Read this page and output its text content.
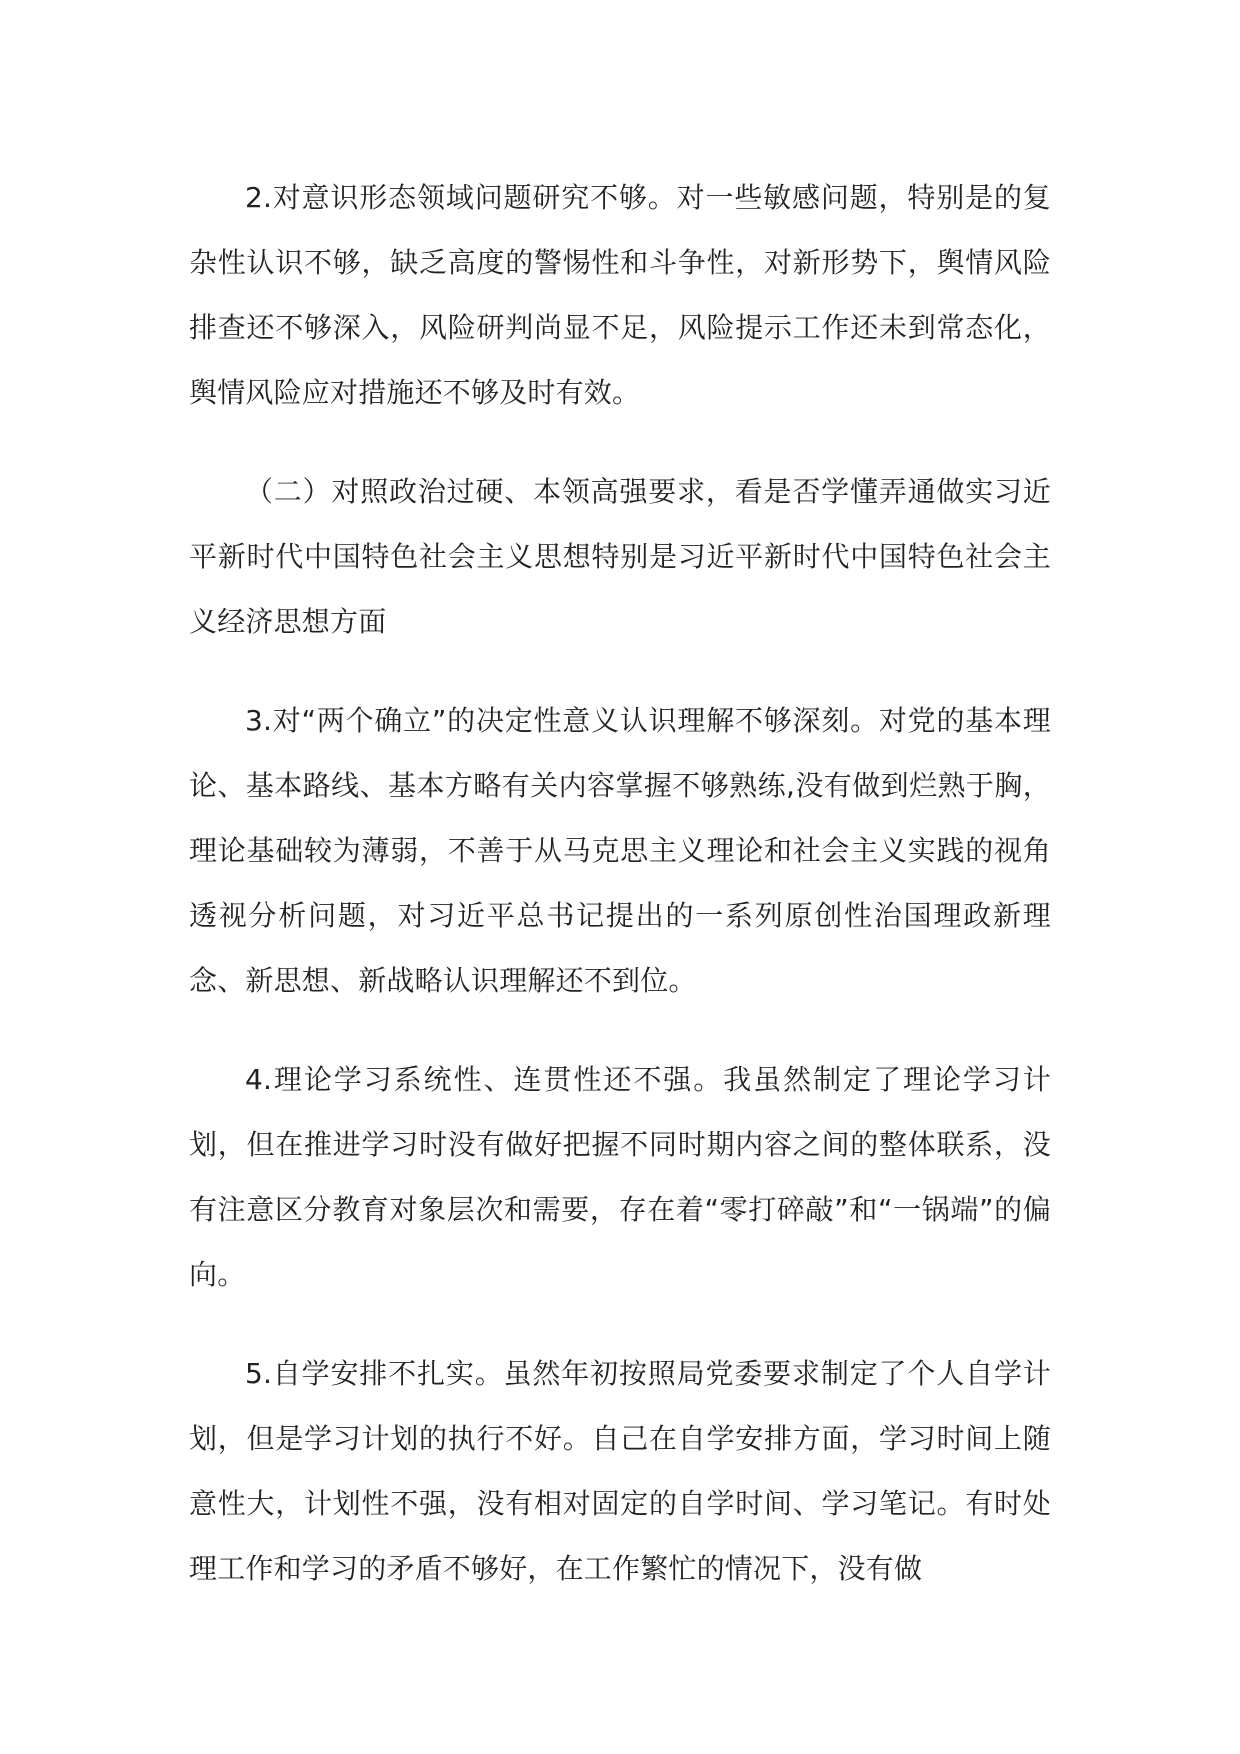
2.对意识形态领域问题研究不够。对一些敏感问题，特别是的复杂性认识不够，缺乏高度的警惕性和斗争性，对新形势下，舆情风险排查还不够深入，风险研判尚显不足，风险提示工作还未到常态化，舆情风险应对措施还不够及时有效。

（二）对照政治过硬、本领高强要求，看是否学懂弄通做实习近平新时代中国特色社会主义思想特别是习近平新时代中国特色社会主义经济思想方面

3.对“两个确立”的决定性意义认识理解不够深刻。对党的基本理论、基本路线、基本方略有关内容掌握不够熟练,没有做到烂熟于胸，理论基础较为薄弱，不善于从马克思主义理论和社会主义实践的视角透视分析问题，对习近平总书记提出的一系列原创性治国理政新理念、新思想、新战略认识理解还不到位。

4.理论学习系统性、连贯性还不强。我虽然制定了理论学习计划，但在推进学习时没有做好把握不同时期内容之间的整体联系，没有注意区分教育对象层次和需要，存在着“零打碎敲”和“一锅端”的偏向。

5.自学安排不扎实。虽然年初按照局党委要求制定了个人自学计划，但是学习计划的执行不好。自己在自学安排方面，学习时间上随意性大，计划性不强，没有相对固定的自学时间、学习笔记。有时处理工作和学习的矛盾不够好，在工作繁忙的情况下，没有做
